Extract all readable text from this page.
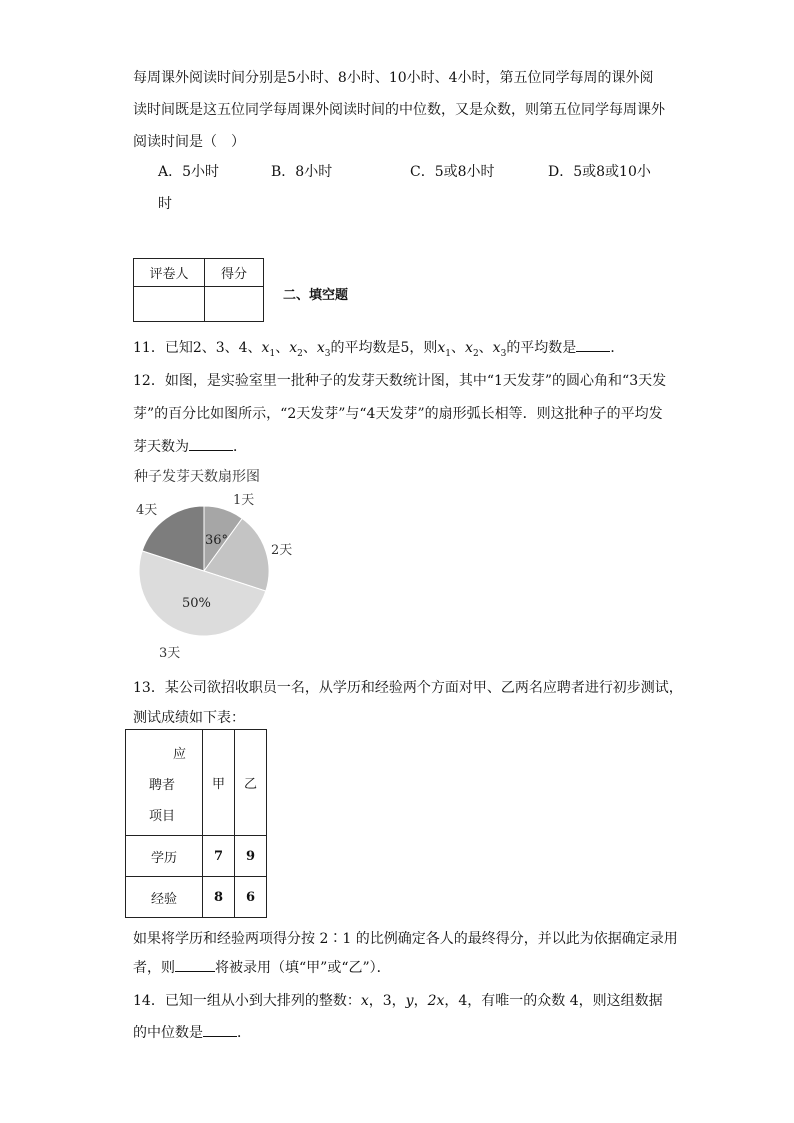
每周课外阅读时间分别是5小时、8小时、10小时、4小时，第五位同学每周的课外阅
读时间既是这五位同学每周课外阅读时间的中位数，又是众数，则第五位同学每周课外
阅读时间是（　）
A．5小时	B．8小时	C．5或8小时	D．5或8或10小
时
评卷人	得分

二、填空题
11．已知2、3、4、$x_1$、$x_2$、$x_3$的平均数是5，则$x_1$、$x_2$、$x_3$的平均数是 ．
12．如图，是实验室里一批种子的发芽天数统计图，其中“1天发芽”的圆心角和“3天发
芽”的百分比如图所示，“2天发芽”与“4天发芽”的扇形弧长相等．则这批种子的平均发
芽天数为	．
种子发芽天数扇形图
1天
2天
3天
4天
36°
50%
13．某公司欲招收职员一名，从学历和经验两个方面对甲、乙两名应聘者进行初步测试，
测试成绩如下表：
应
聘者
项目	甲	乙
学历	7	9
经验	8	6
如果将学历和经验两项得分按 2∶1 的比例确定各人的最终得分，并以此为依据确定录用
者，则	将被录用（填“甲”或“乙”）．
14．已知一组从小到大排列的整数：x，3，y，2x，4，有唯一的众数 4，则这组数据
的中位数是 ．
